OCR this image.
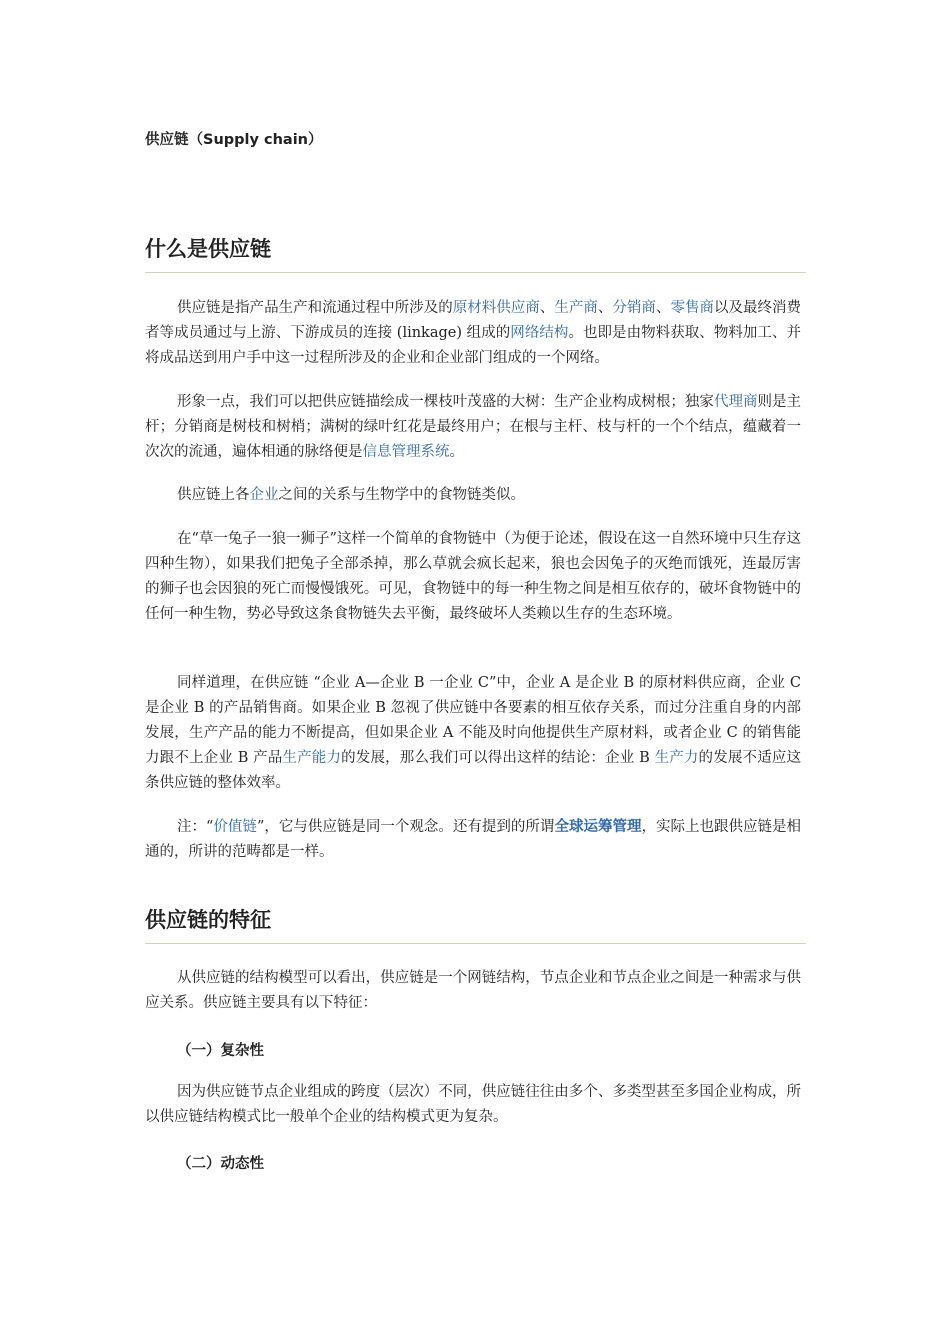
供应链（Supply chain）
什么是供应链

供应链是指产品生产和流通过程中所涉及的原材料供应商、生产商、分销商、零售商以及最终消费者等成员通过与上游、下游成员的连接 (linkage) 组成的网络结构。也即是由物料获取、物料加工、并将成品送到用户手中这一过程所涉及的企业和企业部门组成的一个网络。

形象一点，我们可以把供应链描绘成一棵枝叶茂盛的大树：生产企业构成树根；独家代理商则是主杆；分销商是树枝和树梢；满树的绿叶红花是最终用户；在根与主杆、枝与杆的一个个结点，蕴藏着一次次的流通，遍体相通的脉络便是信息管理系统。

供应链上各企业之间的关系与生物学中的食物链类似。

在“草一兔子一狼一狮子”这样一个简单的食物链中（为便于论述，假设在这一自然环境中只生存这四种生物），如果我们把兔子全部杀掉，那么草就会疯长起来，狼也会因兔子的灭绝而饿死，连最厉害的狮子也会因狼的死亡而慢慢饿死。可见，食物链中的每一种生物之间是相互依存的，破坏食物链中的任何一种生物，势必导致这条食物链失去平衡，最终破坏人类赖以生存的生态环境。

同样道理，在供应链 “企业 A—企业 B 一企业 C”中，企业 A 是企业 B 的原材料供应商，企业 C 是企业 B 的产品销售商。如果企业 B 忽视了供应链中各要素的相互依存关系，而过分注重自身的内部发展，生产产品的能力不断提高，但如果企业 A 不能及时向他提供生产原材料，或者企业 C 的销售能力跟不上企业 B 产品生产能力的发展，那么我们可以得出这样的结论：企业 B 生产力的发展不适应这条供应链的整体效率。

注：“价值链”，它与供应链是同一个观念。还有提到的所谓全球运筹管理，实际上也跟供应链是相通的，所讲的范畴都是一样。

供应链的特征

从供应链的结构模型可以看出，供应链是一个网链结构，节点企业和节点企业之间是一种需求与供应关系。供应链主要具有以下特征：

（一）复杂性

因为供应链节点企业组成的跨度（层次）不同，供应链往往由多个、多类型甚至多国企业构成，所以供应链结构模式比一般单个企业的结构模式更为复杂。

（二）动态性
